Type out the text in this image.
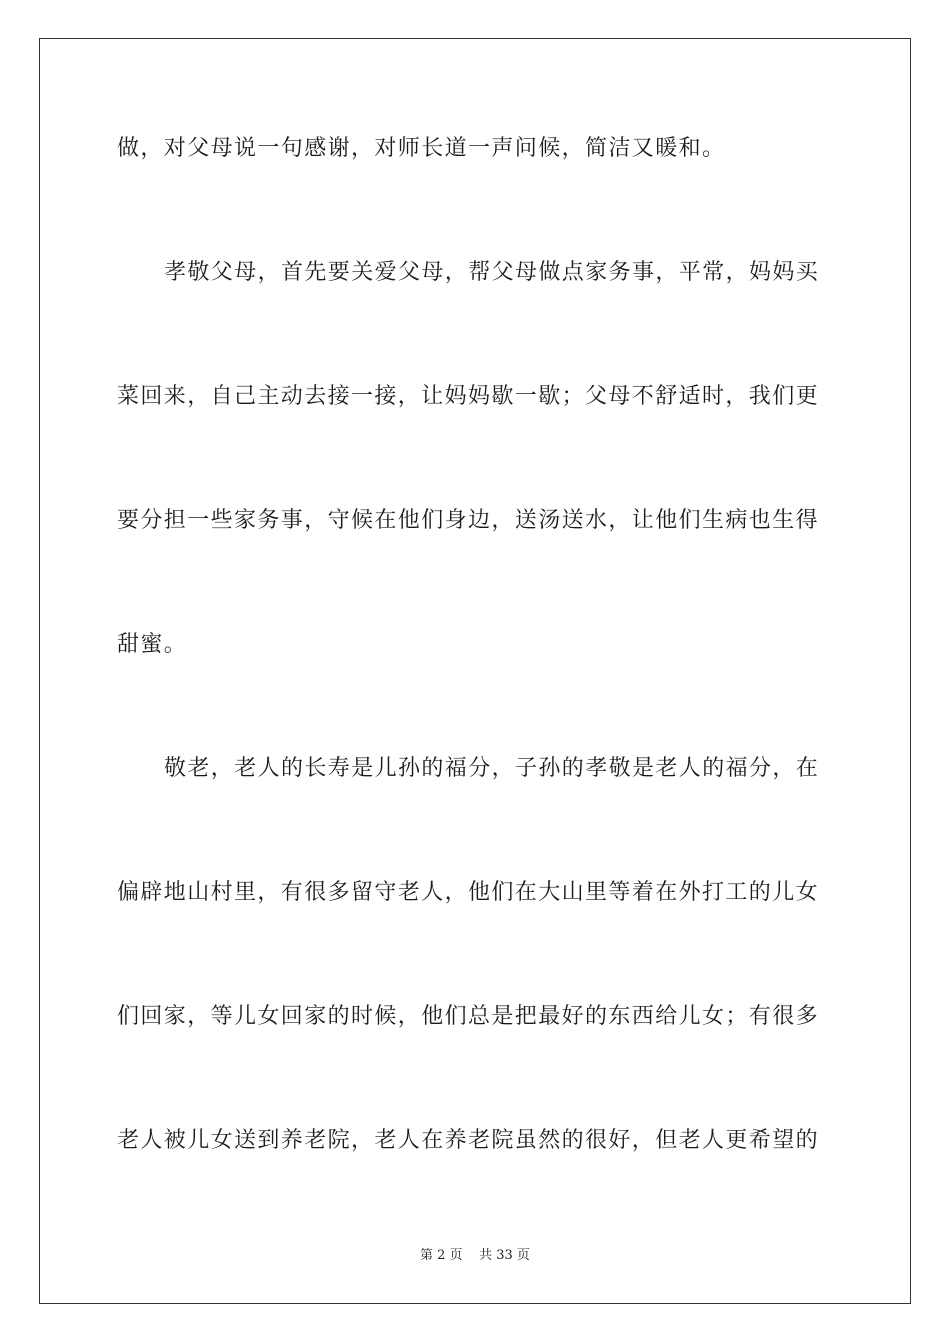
做，对父母说一句感谢，对师长道一声问候，简洁又暖和。
孝敬父母，首先要关爱父母，帮父母做点家务事，平常，妈妈买
菜回来，自己主动去接一接，让妈妈歇一歇；父母不舒适时，我们更
要分担一些家务事，守候在他们身边，送汤送水，让他们生病也生得
甜蜜。
敬老，老人的长寿是儿孙的福分，子孙的孝敬是老人的福分，在
偏辟地山村里，有很多留守老人，他们在大山里等着在外打工的儿女
们回家，等儿女回家的时候，他们总是把最好的东西给儿女；有很多
老人被儿女送到养老院，老人在养老院虽然的很好，但老人更希望的
第 2 页 共 33 页
